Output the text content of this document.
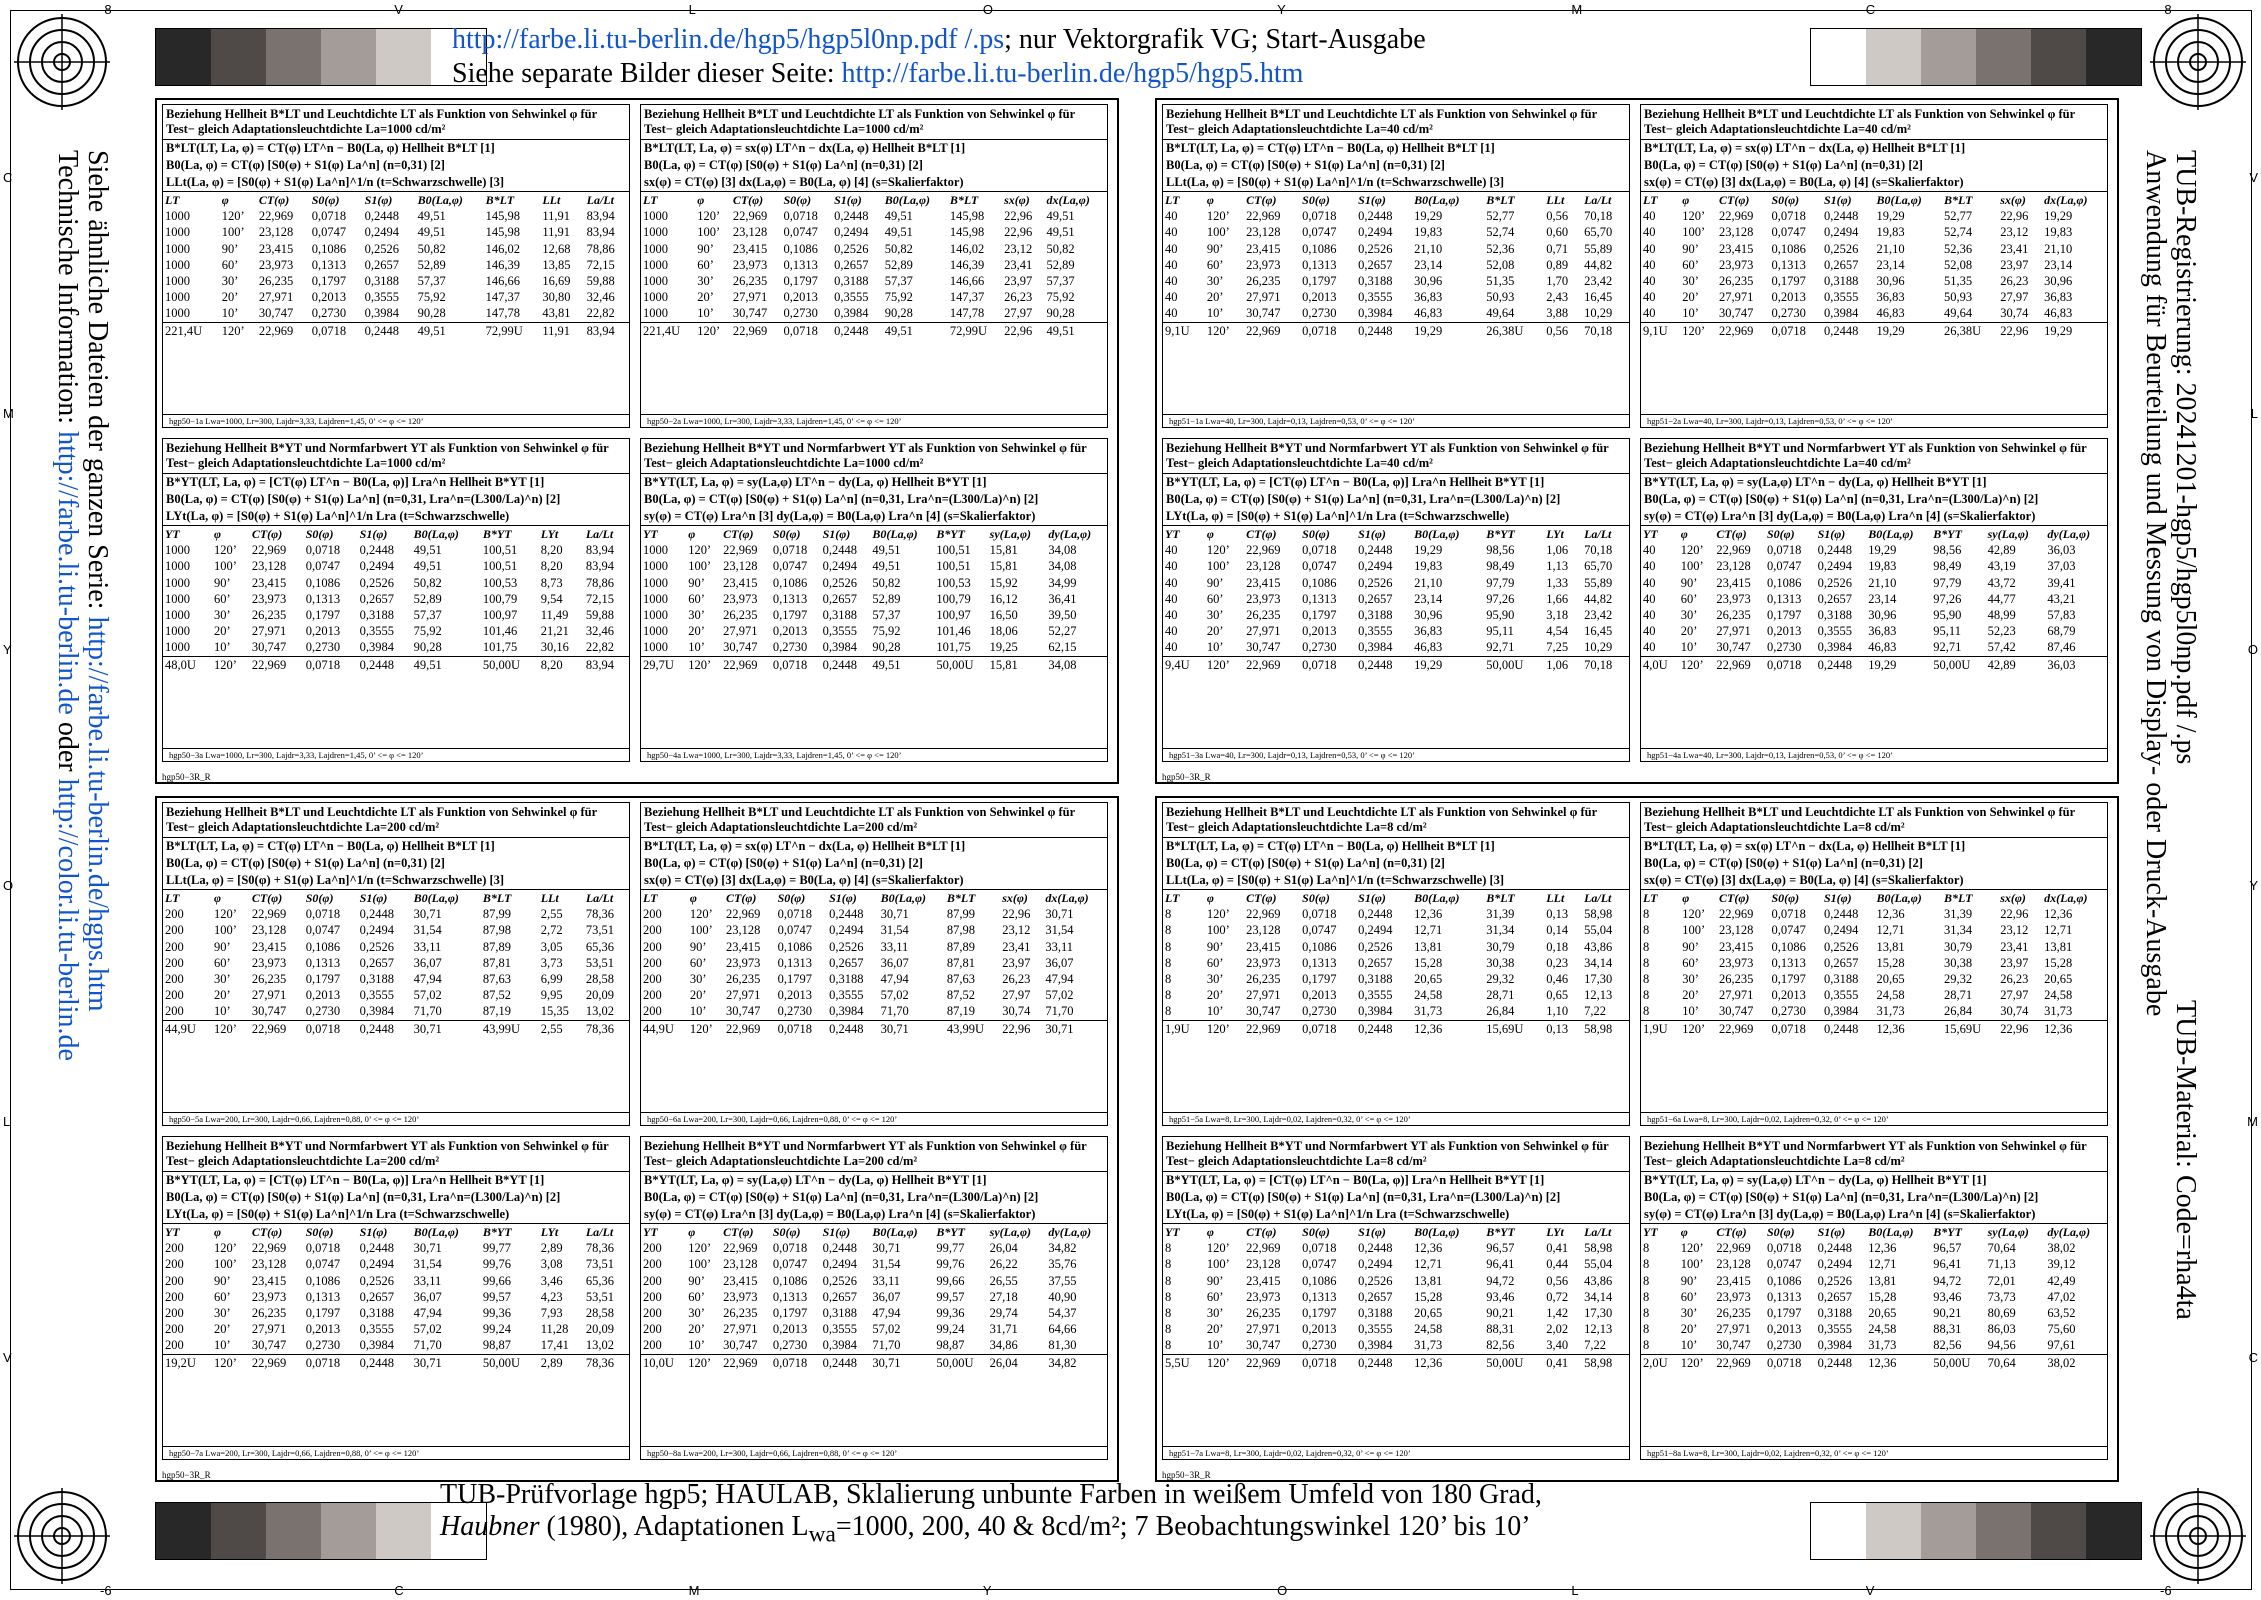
-8	V	L	O	Y	M	C	-8
-6	C	M	Y	O	L	V	-6
C
M
Y
O
L
V
V
L
O
Y
M
C
http://farbe.li.tu-berlin.de/hgp5/hgp5l0np.pdf /.ps; nur Vektorgrafik VG; Start-Ausgabe
Siehe separate Bilder dieser Seite: http://farbe.li.tu-berlin.de/hgp5/hgp5.htm
Siehe ähnliche Dateien der ganzen Serie: http://farbe.li.tu-berlin.de/hgps.htm
Technische Information: http://farbe.li.tu-berlin.de oder http://color.li.tu-berlin.de
TUB-Registrierung: 20241201-hgp5/hgp5l0np.pdf /.ps
Anwendung für Beurteilung und Messung von Display- oder Druck-Ausgabe
TUB-Material: Code=rha4ta
hgp50−3R_R	hgp50−3R_R
hgp50−3R_R	hgp50−3R_R
Beziehung Hellheit B*LT und Leuchtdichte LT als Funktion von Sehwinkel φ für Test− gleich Adaptationsleuchtdichte La=1000 cd/m²
B*LT(LT, La, φ) = CT(φ) LT^n − B0(La, φ) Hellheit B*LT [1]
B0(La, φ) = CT(φ) [S0(φ) + S1(φ) La^n] (n=0,31) [2]
LLt(La, φ) = [S0(φ) + S1(φ) La^n]^1/n (t=Schwarzschwelle) [3]
LT	φ	CT(φ)	S0(φ)	S1(φ)	B0(La,φ)	B*LT	LLt	La/Lt
1000	120’	22,969	0,0718	0,2448	49,51	145,98	11,91	83,94
1000	100’	23,128	0,0747	0,2494	49,51	145,98	11,91	83,94
1000	90’	23,415	0,1086	0,2526	50,82	146,02	12,68	78,86
1000	60’	23,973	0,1313	0,2657	52,89	146,39	13,85	72,15
1000	30’	26,235	0,1797	0,3188	57,37	146,66	16,69	59,88
1000	20’	27,971	0,2013	0,3555	75,92	147,37	30,80	32,46
1000	10’	30,747	0,2730	0,3984	90,28	147,78	43,81	22,82
221,4U	120’	22,969	0,0718	0,2448	49,51	72,99U	11,91	83,94
hgp50−1a Lwa=1000, Lr=300, Lajdr=3,33, Lajdren=1,45, 0’ <= φ <= 120’
Beziehung Hellheit B*LT und Leuchtdichte LT als Funktion von Sehwinkel φ für Test− gleich Adaptationsleuchtdichte La=1000 cd/m²
B*LT(LT, La, φ) = sx(φ) LT^n − dx(La, φ) Hellheit B*LT [1]
B0(La, φ) = CT(φ) [S0(φ) + S1(φ) La^n] (n=0,31) [2]
sx(φ) = CT(φ) [3] dx(La,φ) = B0(La, φ) [4] (s=Skalierfaktor)
LT	φ	CT(φ)	S0(φ)	S1(φ)	B0(La,φ)	B*LT	sx(φ)	dx(La,φ)
1000	120’	22,969	0,0718	0,2448	49,51	145,98	22,96	49,51
1000	100’	23,128	0,0747	0,2494	49,51	145,98	22,96	49,51
1000	90’	23,415	0,1086	0,2526	50,82	146,02	23,12	50,82
1000	60’	23,973	0,1313	0,2657	52,89	146,39	23,41	52,89
1000	30’	26,235	0,1797	0,3188	57,37	146,66	23,97	57,37
1000	20’	27,971	0,2013	0,3555	75,92	147,37	26,23	75,92
1000	10’	30,747	0,2730	0,3984	90,28	147,78	27,97	90,28
221,4U	120’	22,969	0,0718	0,2448	49,51	72,99U	22,96	49,51
hgp50−2a Lwa=1000, Lr=300, Lajdr=3,33, Lajdren=1,45, 0’ <= φ <= 120’
Beziehung Hellheit B*LT und Leuchtdichte LT als Funktion von Sehwinkel φ für Test− gleich Adaptationsleuchtdichte La=40 cd/m²
B*LT(LT, La, φ) = CT(φ) LT^n − B0(La, φ) Hellheit B*LT [1]
B0(La, φ) = CT(φ) [S0(φ) + S1(φ) La^n] (n=0,31) [2]
LLt(La, φ) = [S0(φ) + S1(φ) La^n]^1/n (t=Schwarzschwelle) [3]
LT	φ	CT(φ)	S0(φ)	S1(φ)	B0(La,φ)	B*LT	LLt	La/Lt
40	120’	22,969	0,0718	0,2448	19,29	52,77	0,56	70,18
40	100’	23,128	0,0747	0,2494	19,83	52,74	0,60	65,70
40	90’	23,415	0,1086	0,2526	21,10	52,36	0,71	55,89
40	60’	23,973	0,1313	0,2657	23,14	52,08	0,89	44,82
40	30’	26,235	0,1797	0,3188	30,96	51,35	1,70	23,42
40	20’	27,971	0,2013	0,3555	36,83	50,93	2,43	16,45
40	10’	30,747	0,2730	0,3984	46,83	49,64	3,88	10,29
9,1U	120’	22,969	0,0718	0,2448	19,29	26,38U	0,56	70,18
hgp51−1a Lwa=40, Lr=300, Lajdr=0,13, Lajdren=0,53, 0’ <= φ <= 120’
Beziehung Hellheit B*LT und Leuchtdichte LT als Funktion von Sehwinkel φ für Test− gleich Adaptationsleuchtdichte La=40 cd/m²
B*LT(LT, La, φ) = sx(φ) LT^n − dx(La, φ) Hellheit B*LT [1]
B0(La, φ) = CT(φ) [S0(φ) + S1(φ) La^n] (n=0,31) [2]
sx(φ) = CT(φ) [3] dx(La,φ) = B0(La, φ) [4] (s=Skalierfaktor)
LT	φ	CT(φ)	S0(φ)	S1(φ)	B0(La,φ)	B*LT	sx(φ)	dx(La,φ)
40	120’	22,969	0,0718	0,2448	19,29	52,77	22,96	19,29
40	100’	23,128	0,0747	0,2494	19,83	52,74	23,12	19,83
40	90’	23,415	0,1086	0,2526	21,10	52,36	23,41	21,10
40	60’	23,973	0,1313	0,2657	23,14	52,08	23,97	23,14
40	30’	26,235	0,1797	0,3188	30,96	51,35	26,23	30,96
40	20’	27,971	0,2013	0,3555	36,83	50,93	27,97	36,83
40	10’	30,747	0,2730	0,3984	46,83	49,64	30,74	46,83
9,1U	120’	22,969	0,0718	0,2448	19,29	26,38U	22,96	19,29
hgp51−2a Lwa=40, Lr=300, Lajdr=0,13, Lajdren=0,53, 0’ <= φ <= 120’
Beziehung Hellheit B*YT und Normfarbwert YT als Funktion von Sehwinkel φ für Test− gleich Adaptationsleuchtdichte La=1000 cd/m²
B*YT(LT, La, φ) = [CT(φ) LT^n − B0(La, φ)] Lra^n Hellheit B*YT [1]
B0(La, φ) = CT(φ) [S0(φ) + S1(φ) La^n] (n=0,31, Lra^n=(L300/La)^n) [2]
LYt(La, φ) = [S0(φ) + S1(φ) La^n]^1/n Lra (t=Schwarzschwelle)
YT	φ	CT(φ)	S0(φ)	S1(φ)	B0(La,φ)	B*YT	LYt	La/Lt
1000	120’	22,969	0,0718	0,2448	49,51	100,51	8,20	83,94
1000	100’	23,128	0,0747	0,2494	49,51	100,51	8,20	83,94
1000	90’	23,415	0,1086	0,2526	50,82	100,53	8,73	78,86
1000	60’	23,973	0,1313	0,2657	52,89	100,79	9,54	72,15
1000	30’	26,235	0,1797	0,3188	57,37	100,97	11,49	59,88
1000	20’	27,971	0,2013	0,3555	75,92	101,46	21,21	32,46
1000	10’	30,747	0,2730	0,3984	90,28	101,75	30,16	22,82
48,0U	120’	22,969	0,0718	0,2448	49,51	50,00U	8,20	83,94
hgp50−3a Lwa=1000, Lr=300, Lajdr=3,33, Lajdren=1,45, 0’ <= φ <= 120’
Beziehung Hellheit B*YT und Normfarbwert YT als Funktion von Sehwinkel φ für Test− gleich Adaptationsleuchtdichte La=1000 cd/m²
B*YT(LT, La, φ) = sy(La,φ) LT^n − dy(La, φ) Hellheit B*YT [1]
B0(La, φ) = CT(φ) [S0(φ) + S1(φ) La^n] (n=0,31, Lra^n=(L300/La)^n) [2]
sy(φ) = CT(φ) Lra^n [3] dy(La,φ) = B0(La,φ) Lra^n [4] (s=Skalierfaktor)
YT	φ	CT(φ)	S0(φ)	S1(φ)	B0(La,φ)	B*YT	sy(La,φ)	dy(La,φ)
1000	120’	22,969	0,0718	0,2448	49,51	100,51	15,81	34,08
1000	100’	23,128	0,0747	0,2494	49,51	100,51	15,81	34,08
1000	90’	23,415	0,1086	0,2526	50,82	100,53	15,92	34,99
1000	60’	23,973	0,1313	0,2657	52,89	100,79	16,12	36,41
1000	30’	26,235	0,1797	0,3188	57,37	100,97	16,50	39,50
1000	20’	27,971	0,2013	0,3555	75,92	101,46	18,06	52,27
1000	10’	30,747	0,2730	0,3984	90,28	101,75	19,25	62,15
29,7U	120’	22,969	0,0718	0,2448	49,51	50,00U	15,81	34,08
hgp50−4a Lwa=1000, Lr=300, Lajdr=3,33, Lajdren=1,45, 0’ <= φ <= 120’
Beziehung Hellheit B*YT und Normfarbwert YT als Funktion von Sehwinkel φ für Test− gleich Adaptationsleuchtdichte La=40 cd/m²
B*YT(LT, La, φ) = [CT(φ) LT^n − B0(La, φ)] Lra^n Hellheit B*YT [1]
B0(La, φ) = CT(φ) [S0(φ) + S1(φ) La^n] (n=0,31, Lra^n=(L300/La)^n) [2]
LYt(La, φ) = [S0(φ) + S1(φ) La^n]^1/n Lra (t=Schwarzschwelle)
YT	φ	CT(φ)	S0(φ)	S1(φ)	B0(La,φ)	B*YT	LYt	La/Lt
40	120’	22,969	0,0718	0,2448	19,29	98,56	1,06	70,18
40	100’	23,128	0,0747	0,2494	19,83	98,49	1,13	65,70
40	90’	23,415	0,1086	0,2526	21,10	97,79	1,33	55,89
40	60’	23,973	0,1313	0,2657	23,14	97,26	1,66	44,82
40	30’	26,235	0,1797	0,3188	30,96	95,90	3,18	23,42
40	20’	27,971	0,2013	0,3555	36,83	95,11	4,54	16,45
40	10’	30,747	0,2730	0,3984	46,83	92,71	7,25	10,29
9,4U	120’	22,969	0,0718	0,2448	19,29	50,00U	1,06	70,18
hgp51−3a Lwa=40, Lr=300, Lajdr=0,13, Lajdren=0,53, 0’ <= φ <= 120’
Beziehung Hellheit B*YT und Normfarbwert YT als Funktion von Sehwinkel φ für Test− gleich Adaptationsleuchtdichte La=40 cd/m²
B*YT(LT, La, φ) = sy(La,φ) LT^n − dy(La, φ) Hellheit B*YT [1]
B0(La, φ) = CT(φ) [S0(φ) + S1(φ) La^n] (n=0,31, Lra^n=(L300/La)^n) [2]
sy(φ) = CT(φ) Lra^n [3] dy(La,φ) = B0(La,φ) Lra^n [4] (s=Skalierfaktor)
YT	φ	CT(φ)	S0(φ)	S1(φ)	B0(La,φ)	B*YT	sy(La,φ)	dy(La,φ)
40	120’	22,969	0,0718	0,2448	19,29	98,56	42,89	36,03
40	100’	23,128	0,0747	0,2494	19,83	98,49	43,19	37,03
40	90’	23,415	0,1086	0,2526	21,10	97,79	43,72	39,41
40	60’	23,973	0,1313	0,2657	23,14	97,26	44,77	43,21
40	30’	26,235	0,1797	0,3188	30,96	95,90	48,99	57,83
40	20’	27,971	0,2013	0,3555	36,83	95,11	52,23	68,79
40	10’	30,747	0,2730	0,3984	46,83	92,71	57,42	87,46
4,0U	120’	22,969	0,0718	0,2448	19,29	50,00U	42,89	36,03
hgp51−4a Lwa=40, Lr=300, Lajdr=0,13, Lajdren=0,53, 0’ <= φ <= 120’
Beziehung Hellheit B*LT und Leuchtdichte LT als Funktion von Sehwinkel φ für Test− gleich Adaptationsleuchtdichte La=200 cd/m²
B*LT(LT, La, φ) = CT(φ) LT^n − B0(La, φ) Hellheit B*LT [1]
B0(La, φ) = CT(φ) [S0(φ) + S1(φ) La^n] (n=0,31) [2]
LLt(La, φ) = [S0(φ) + S1(φ) La^n]^1/n (t=Schwarzschwelle) [3]
LT	φ	CT(φ)	S0(φ)	S1(φ)	B0(La,φ)	B*LT	LLt	La/Lt
200	120’	22,969	0,0718	0,2448	30,71	87,99	2,55	78,36
200	100’	23,128	0,0747	0,2494	31,54	87,98	2,72	73,51
200	90’	23,415	0,1086	0,2526	33,11	87,89	3,05	65,36
200	60’	23,973	0,1313	0,2657	36,07	87,81	3,73	53,51
200	30’	26,235	0,1797	0,3188	47,94	87,63	6,99	28,58
200	20’	27,971	0,2013	0,3555	57,02	87,52	9,95	20,09
200	10’	30,747	0,2730	0,3984	71,70	87,19	15,35	13,02
44,9U	120’	22,969	0,0718	0,2448	30,71	43,99U	2,55	78,36
hgp50−5a Lwa=200, Lr=300, Lajdr=0,66, Lajdren=0,88, 0’ <= φ <= 120’
Beziehung Hellheit B*LT und Leuchtdichte LT als Funktion von Sehwinkel φ für Test− gleich Adaptationsleuchtdichte La=200 cd/m²
B*LT(LT, La, φ) = sx(φ) LT^n − dx(La, φ) Hellheit B*LT [1]
B0(La, φ) = CT(φ) [S0(φ) + S1(φ) La^n] (n=0,31) [2]
sx(φ) = CT(φ) [3] dx(La,φ) = B0(La, φ) [4] (s=Skalierfaktor)
LT	φ	CT(φ)	S0(φ)	S1(φ)	B0(La,φ)	B*LT	sx(φ)	dx(La,φ)
200	120’	22,969	0,0718	0,2448	30,71	87,99	22,96	30,71
200	100’	23,128	0,0747	0,2494	31,54	87,98	23,12	31,54
200	90’	23,415	0,1086	0,2526	33,11	87,89	23,41	33,11
200	60’	23,973	0,1313	0,2657	36,07	87,81	23,97	36,07
200	30’	26,235	0,1797	0,3188	47,94	87,63	26,23	47,94
200	20’	27,971	0,2013	0,3555	57,02	87,52	27,97	57,02
200	10’	30,747	0,2730	0,3984	71,70	87,19	30,74	71,70
44,9U	120’	22,969	0,0718	0,2448	30,71	43,99U	22,96	30,71
hgp50−6a Lwa=200, Lr=300, Lajdr=0,66, Lajdren=0,88, 0’ <= φ <= 120’
Beziehung Hellheit B*LT und Leuchtdichte LT als Funktion von Sehwinkel φ für Test− gleich Adaptationsleuchtdichte La=8 cd/m²
B*LT(LT, La, φ) = CT(φ) LT^n − B0(La, φ) Hellheit B*LT [1]
B0(La, φ) = CT(φ) [S0(φ) + S1(φ) La^n] (n=0,31) [2]
LLt(La, φ) = [S0(φ) + S1(φ) La^n]^1/n (t=Schwarzschwelle) [3]
LT	φ	CT(φ)	S0(φ)	S1(φ)	B0(La,φ)	B*LT	LLt	La/Lt
8	120’	22,969	0,0718	0,2448	12,36	31,39	0,13	58,98
8	100’	23,128	0,0747	0,2494	12,71	31,34	0,14	55,04
8	90’	23,415	0,1086	0,2526	13,81	30,79	0,18	43,86
8	60’	23,973	0,1313	0,2657	15,28	30,38	0,23	34,14
8	30’	26,235	0,1797	0,3188	20,65	29,32	0,46	17,30
8	20’	27,971	0,2013	0,3555	24,58	28,71	0,65	12,13
8	10’	30,747	0,2730	0,3984	31,73	26,84	1,10	7,22
1,9U	120’	22,969	0,0718	0,2448	12,36	15,69U	0,13	58,98
hgp51−5a Lwa=8, Lr=300, Lajdr=0,02, Lajdren=0,32, 0’ <= φ <= 120’
Beziehung Hellheit B*LT und Leuchtdichte LT als Funktion von Sehwinkel φ für Test− gleich Adaptationsleuchtdichte La=8 cd/m²
B*LT(LT, La, φ) = sx(φ) LT^n − dx(La, φ) Hellheit B*LT [1]
B0(La, φ) = CT(φ) [S0(φ) + S1(φ) La^n] (n=0,31) [2]
sx(φ) = CT(φ) [3] dx(La,φ) = B0(La, φ) [4] (s=Skalierfaktor)
LT	φ	CT(φ)	S0(φ)	S1(φ)	B0(La,φ)	B*LT	sx(φ)	dx(La,φ)
8	120’	22,969	0,0718	0,2448	12,36	31,39	22,96	12,36
8	100’	23,128	0,0747	0,2494	12,71	31,34	23,12	12,71
8	90’	23,415	0,1086	0,2526	13,81	30,79	23,41	13,81
8	60’	23,973	0,1313	0,2657	15,28	30,38	23,97	15,28
8	30’	26,235	0,1797	0,3188	20,65	29,32	26,23	20,65
8	20’	27,971	0,2013	0,3555	24,58	28,71	27,97	24,58
8	10’	30,747	0,2730	0,3984	31,73	26,84	30,74	31,73
1,9U	120’	22,969	0,0718	0,2448	12,36	15,69U	22,96	12,36
hgp51−6a Lwa=8, Lr=300, Lajdr=0,02, Lajdren=0,32, 0’ <= φ <= 120’
Beziehung Hellheit B*YT und Normfarbwert YT als Funktion von Sehwinkel φ für Test− gleich Adaptationsleuchtdichte La=200 cd/m²
B*YT(LT, La, φ) = [CT(φ) LT^n − B0(La, φ)] Lra^n Hellheit B*YT [1]
B0(La, φ) = CT(φ) [S0(φ) + S1(φ) La^n] (n=0,31, Lra^n=(L300/La)^n) [2]
LYt(La, φ) = [S0(φ) + S1(φ) La^n]^1/n Lra (t=Schwarzschwelle)
YT	φ	CT(φ)	S0(φ)	S1(φ)	B0(La,φ)	B*YT	LYt	La/Lt
200	120’	22,969	0,0718	0,2448	30,71	99,77	2,89	78,36
200	100’	23,128	0,0747	0,2494	31,54	99,76	3,08	73,51
200	90’	23,415	0,1086	0,2526	33,11	99,66	3,46	65,36
200	60’	23,973	0,1313	0,2657	36,07	99,57	4,23	53,51
200	30’	26,235	0,1797	0,3188	47,94	99,36	7,93	28,58
200	20’	27,971	0,2013	0,3555	57,02	99,24	11,28	20,09
200	10’	30,747	0,2730	0,3984	71,70	98,87	17,41	13,02
19,2U	120’	22,969	0,0718	0,2448	30,71	50,00U	2,89	78,36
hgp50−7a Lwa=200, Lr=300, Lajdr=0,66, Lajdren=0,88, 0’ <= φ <= 120’
Beziehung Hellheit B*YT und Normfarbwert YT als Funktion von Sehwinkel φ für Test− gleich Adaptationsleuchtdichte La=200 cd/m²
B*YT(LT, La, φ) = sy(La,φ) LT^n − dy(La, φ) Hellheit B*YT [1]
B0(La, φ) = CT(φ) [S0(φ) + S1(φ) La^n] (n=0,31, Lra^n=(L300/La)^n) [2]
sy(φ) = CT(φ) Lra^n [3] dy(La,φ) = B0(La,φ) Lra^n [4] (s=Skalierfaktor)
YT	φ	CT(φ)	S0(φ)	S1(φ)	B0(La,φ)	B*YT	sy(La,φ)	dy(La,φ)
200	120’	22,969	0,0718	0,2448	30,71	99,77	26,04	34,82
200	100’	23,128	0,0747	0,2494	31,54	99,76	26,22	35,76
200	90’	23,415	0,1086	0,2526	33,11	99,66	26,55	37,55
200	60’	23,973	0,1313	0,2657	36,07	99,57	27,18	40,90
200	30’	26,235	0,1797	0,3188	47,94	99,36	29,74	54,37
200	20’	27,971	0,2013	0,3555	57,02	99,24	31,71	64,66
200	10’	30,747	0,2730	0,3984	71,70	98,87	34,86	81,30
10,0U	120’	22,969	0,0718	0,2448	30,71	50,00U	26,04	34,82
hgp50−8a Lwa=200, Lr=300, Lajdr=0,66, Lajdren=0,88, 0’ <= φ <= 120’
Beziehung Hellheit B*YT und Normfarbwert YT als Funktion von Sehwinkel φ für Test− gleich Adaptationsleuchtdichte La=8 cd/m²
B*YT(LT, La, φ) = [CT(φ) LT^n − B0(La, φ)] Lra^n Hellheit B*YT [1]
B0(La, φ) = CT(φ) [S0(φ) + S1(φ) La^n] (n=0,31, Lra^n=(L300/La)^n) [2]
LYt(La, φ) = [S0(φ) + S1(φ) La^n]^1/n Lra (t=Schwarzschwelle)
YT	φ	CT(φ)	S0(φ)	S1(φ)	B0(La,φ)	B*YT	LYt	La/Lt
8	120’	22,969	0,0718	0,2448	12,36	96,57	0,41	58,98
8	100’	23,128	0,0747	0,2494	12,71	96,41	0,44	55,04
8	90’	23,415	0,1086	0,2526	13,81	94,72	0,56	43,86
8	60’	23,973	0,1313	0,2657	15,28	93,46	0,72	34,14
8	30’	26,235	0,1797	0,3188	20,65	90,21	1,42	17,30
8	20’	27,971	0,2013	0,3555	24,58	88,31	2,02	12,13
8	10’	30,747	0,2730	0,3984	31,73	82,56	3,40	7,22
5,5U	120’	22,969	0,0718	0,2448	12,36	50,00U	0,41	58,98
hgp51−7a Lwa=8, Lr=300, Lajdr=0,02, Lajdren=0,32, 0’ <= φ <= 120’
Beziehung Hellheit B*YT und Normfarbwert YT als Funktion von Sehwinkel φ für Test− gleich Adaptationsleuchtdichte La=8 cd/m²
B*YT(LT, La, φ) = sy(La,φ) LT^n − dy(La, φ) Hellheit B*YT [1]
B0(La, φ) = CT(φ) [S0(φ) + S1(φ) La^n] (n=0,31, Lra^n=(L300/La)^n) [2]
sy(φ) = CT(φ) Lra^n [3] dy(La,φ) = B0(La,φ) Lra^n [4] (s=Skalierfaktor)
YT	φ	CT(φ)	S0(φ)	S1(φ)	B0(La,φ)	B*YT	sy(La,φ)	dy(La,φ)
8	120’	22,969	0,0718	0,2448	12,36	96,57	70,64	38,02
8	100’	23,128	0,0747	0,2494	12,71	96,41	71,13	39,12
8	90’	23,415	0,1086	0,2526	13,81	94,72	72,01	42,49
8	60’	23,973	0,1313	0,2657	15,28	93,46	73,73	47,02
8	30’	26,235	0,1797	0,3188	20,65	90,21	80,69	63,52
8	20’	27,971	0,2013	0,3555	24,58	88,31	86,03	75,60
8	10’	30,747	0,2730	0,3984	31,73	82,56	94,56	97,61
2,0U	120’	22,969	0,0718	0,2448	12,36	50,00U	70,64	38,02
hgp51−8a Lwa=8, Lr=300, Lajdr=0,02, Lajdren=0,32, 0’ <= φ <= 120’
TUB-Prüfvorlage hgp5; HAULAB, Sklalierung unbunte Farben in weißem Umfeld von 180 Grad,
Haubner (1980), Adaptationen $L_{wa}=1000$, 200, 40 & 8cd/m²; 7 Beobachtungswinkel 120’ bis 10’
